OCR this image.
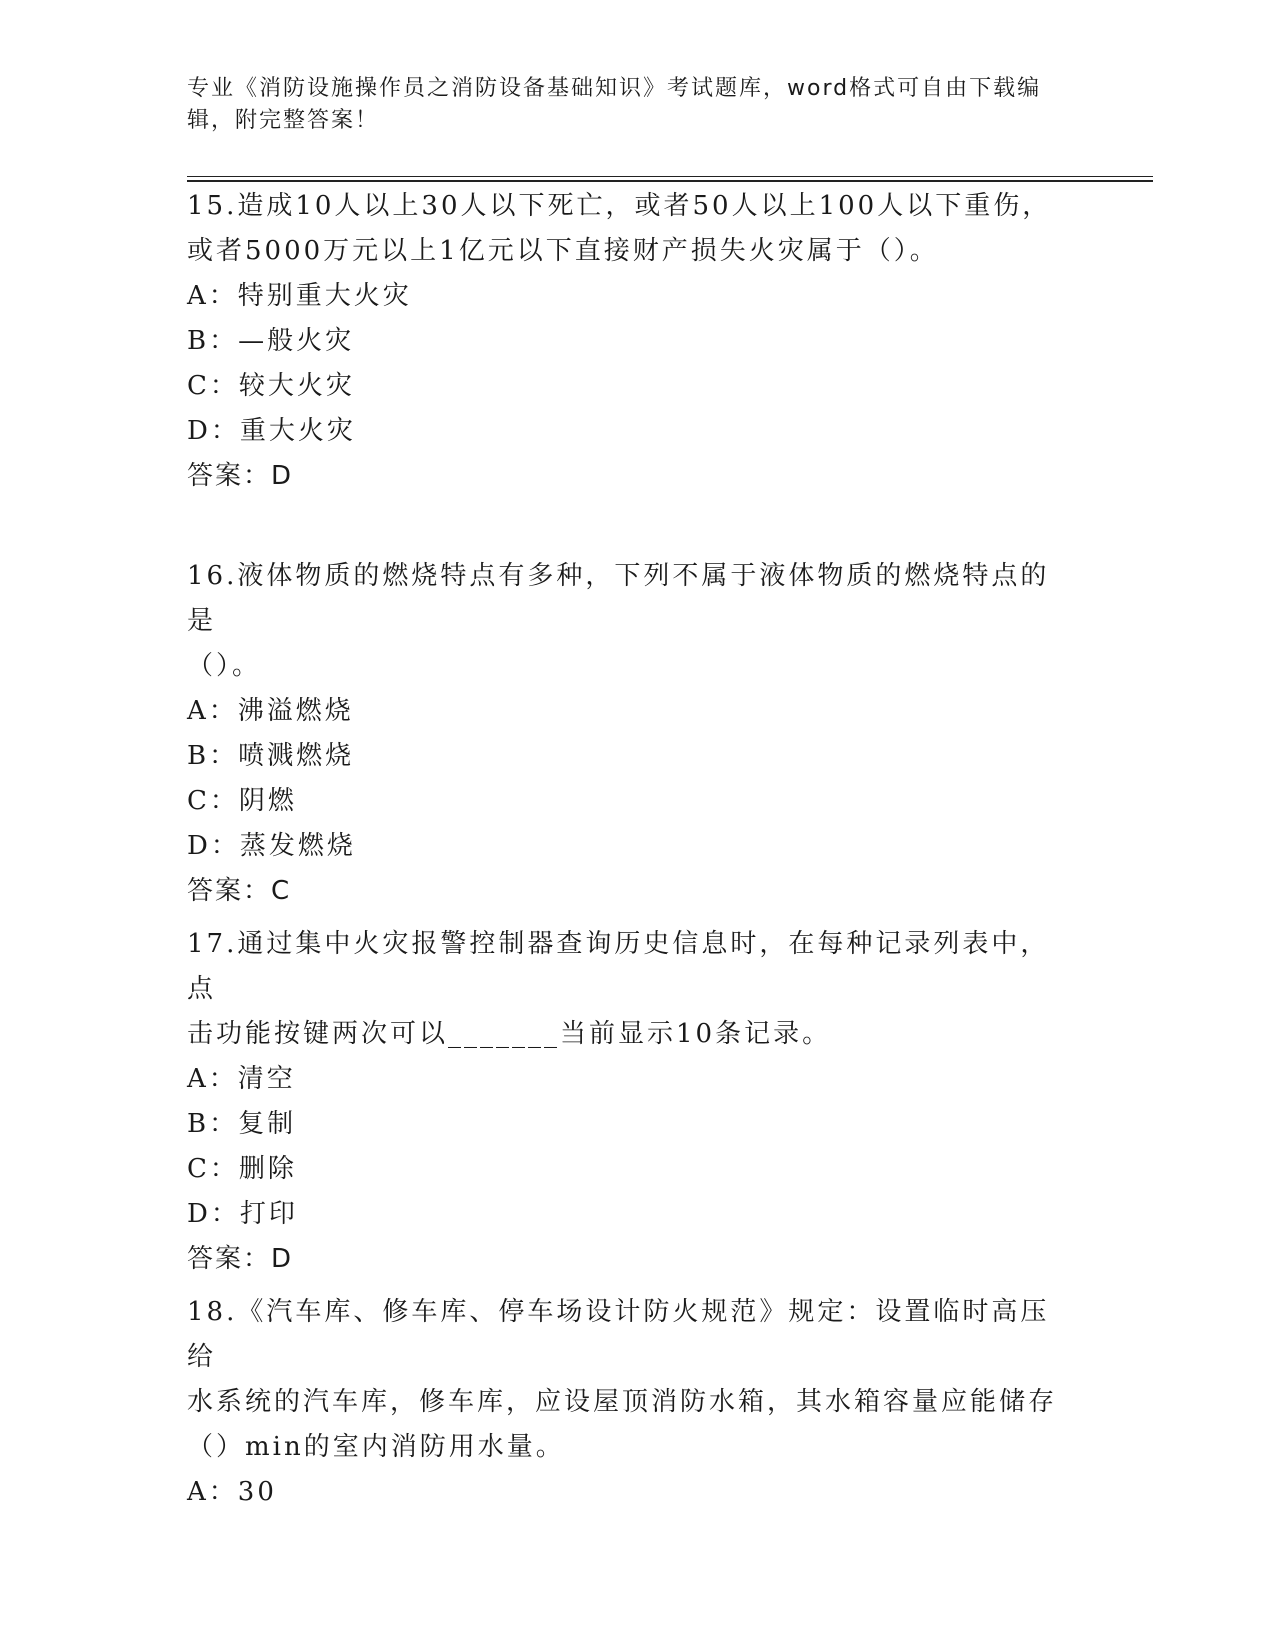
专业《消防设施操作员之消防设备基础知识》考试题库，word格式可自由下载编
辑，附完整答案！

15.造成10人以上30人以下死亡，或者50人以上100人以下重伤，

或者5000万元以上1亿元以下直接财产损失火灾属于（）。

A：特别重大火灾

B：—般火灾

C：较大火灾

D：重大火灾

答案：D

16.液体物质的燃烧特点有多种，下列不属于液体物质的燃烧特点的是

（）。

A：沸溢燃烧

B：喷溅燃烧

C：阴燃

D：蒸发燃烧

答案：C

17.通过集中火灾报警控制器查询历史信息时，在每种记录列表中，点

击功能按键两次可以_______当前显示10条记录。

A：清空

B：复制

C：删除

D：打印

答案：D

18.《汽车库、修车库、停车场设计防火规范》规定：设置临时高压给

水系统的汽车库，修车库，应设屋顶消防水箱，其水箱容量应能储存

（）min的室内消防用水量。

A：30
